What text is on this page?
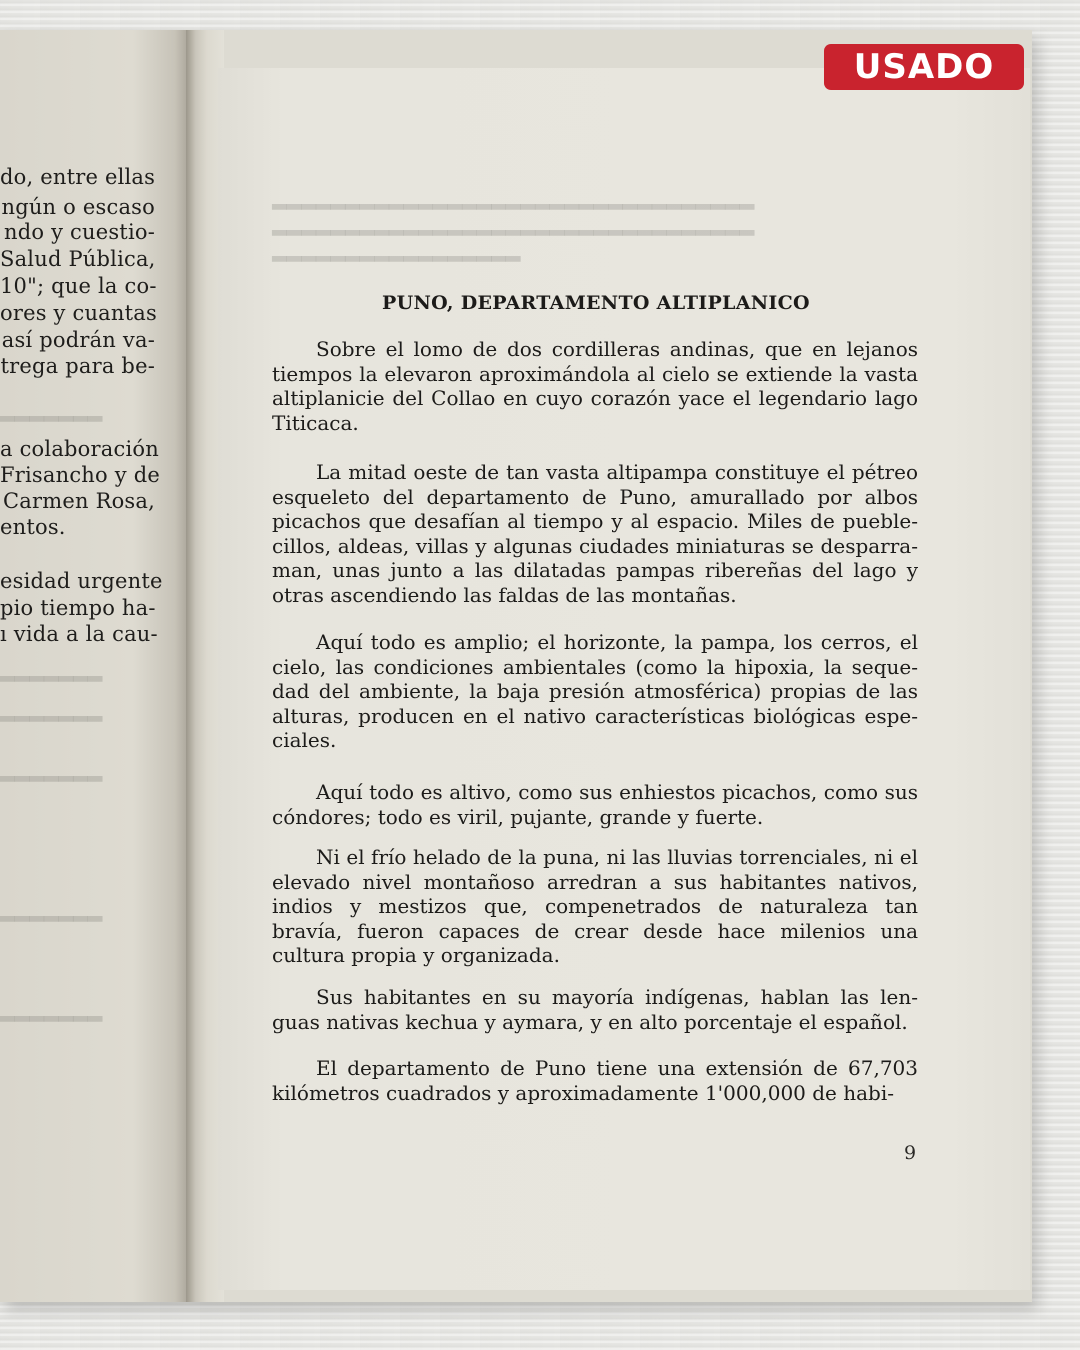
▂▂▂▂▂▂▂▂▂▂▂▂▂▂▂▂▂▂▂▂▂▂▂▂▂▂▂▂▂▂▂▂▂
▂▂▂▂▂▂▂▂▂▂▂▂▂▂▂▂▂▂▂▂▂▂▂▂▂▂▂▂▂▂▂▂▂
▂▂▂▂▂▂▂▂▂▂▂▂▂▂▂▂▂
▂▂▂▂▂▂▂
▂▂▂▂▂▂▂
▂▂▂▂▂▂▂
▂▂▂▂▂▂▂
▂▂▂▂▂▂▂
▂▂▂▂▂▂▂
do, entre ellas
ngún o escaso
ndo y cuestio-
Salud Pública,
10"; que la co-
ores y cuantas
así podrán va-
trega para be-
a colaboración
Frisancho y de
Carmen Rosa,
entos.
esidad urgente
pio tiempo ha-
ı vida a la cau-
PUNO, DEPARTAMENTO ALTIPLANICO

Sobre el lomo de dos cordilleras andinas, que en lejanos tiempos la elevaron aproximándola al cielo se extiende la vasta altiplanicie del Collao en cuyo corazón yace el legendario lago Titicaca.

La mitad oeste de tan vasta altipampa constituye el pétreo esqueleto del departamento de Puno, amurallado por albos picachos que desafían al tiempo y al espacio. Miles de pueblecillos, aldeas, villas y algunas ciudades miniaturas se desparraman, unas junto a las dilatadas pampas ribereñas del lago y otras ascendiendo las faldas de las montañas.

Aquí todo es amplio; el horizonte, la pampa, los cerros, el cielo, las condiciones ambientales (como la hipoxia, la sequedad del ambiente, la baja presión atmosférica) propias de las alturas, producen en el nativo características biológicas especiales.

Aquí todo es altivo, como sus enhiestos picachos, como sus cóndores; todo es viril, pujante, grande y fuerte.

Ni el frío helado de la puna, ni las lluvias torrenciales, ni el elevado nivel montañoso arredran a sus habitantes nativos, indios y mestizos que, compenetrados de naturaleza tan bravía, fueron capaces de crear desde hace milenios una cultura propia y organizada.

Sus habitantes en su mayoría indígenas, hablan las lenguas nativas kechua y aymara, y en alto porcentaje el español.

El departamento de Puno tiene una extensión de 67,703 kilómetros cuadrados y aproximadamente 1'000,000 de habi-

9
USADO
